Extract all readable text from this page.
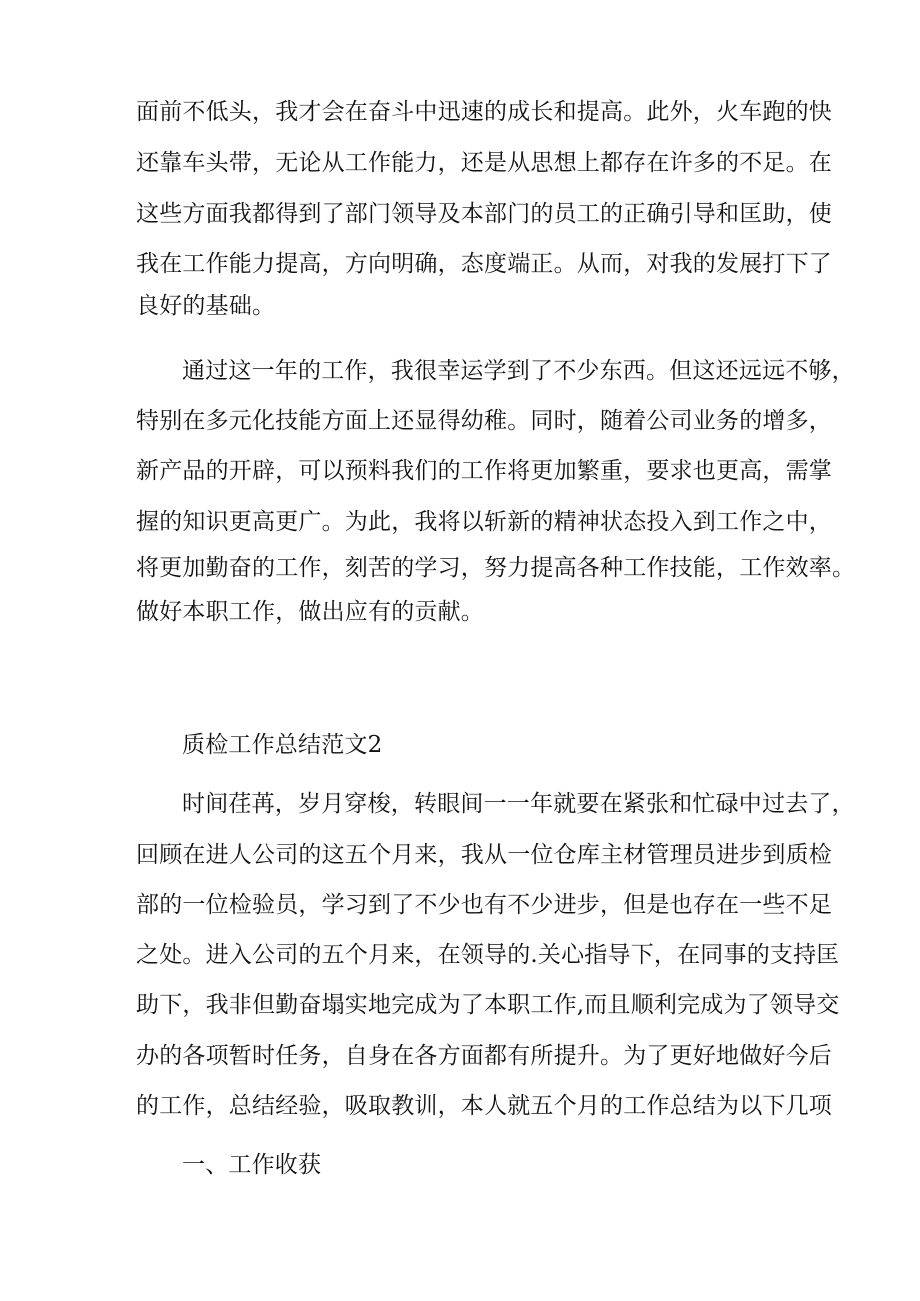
面前不低头，我才会在奋斗中迅速的成长和提高。此外，火车跑的快
还靠车头带，无论从工作能力，还是从思想上都存在许多的不足。在
这些方面我都得到了部门领导及本部门的员工的正确引导和匡助，使
我在工作能力提高，方向明确，态度端正。从而，对我的发展打下了
良好的基础。
通过这一年的工作，我很幸运学到了不少东西。但这还远远不够，
特别在多元化技能方面上还显得幼稚。同时，随着公司业务的增多，
新产品的开辟，可以预料我们的工作将更加繁重，要求也更高，需掌
握的知识更高更广。为此，我将以斩新的精神状态投入到工作之中，
将更加勤奋的工作，刻苦的学习，努力提高各种工作技能，工作效率。
做好本职工作，做出应有的贡献。
质检工作总结范文2
时间荏苒，岁月穿梭，转眼间一一年就要在紧张和忙碌中过去了，
回顾在进人公司的这五个月来，我从一位仓库主材管理员进步到质检
部的一位检验员，学习到了不少也有不少进步，但是也存在一些不足
之处。进入公司的五个月来，在领导的.关心指导下，在同事的支持匡
助下，我非但勤奋塌实地完成为了本职工作,而且顺利完成为了领导交
办的各项暂时任务，自身在各方面都有所提升。为了更好地做好今后
的工作，总结经验，吸取教训，本人就五个月的工作总结为以下几项
一、工作收获
